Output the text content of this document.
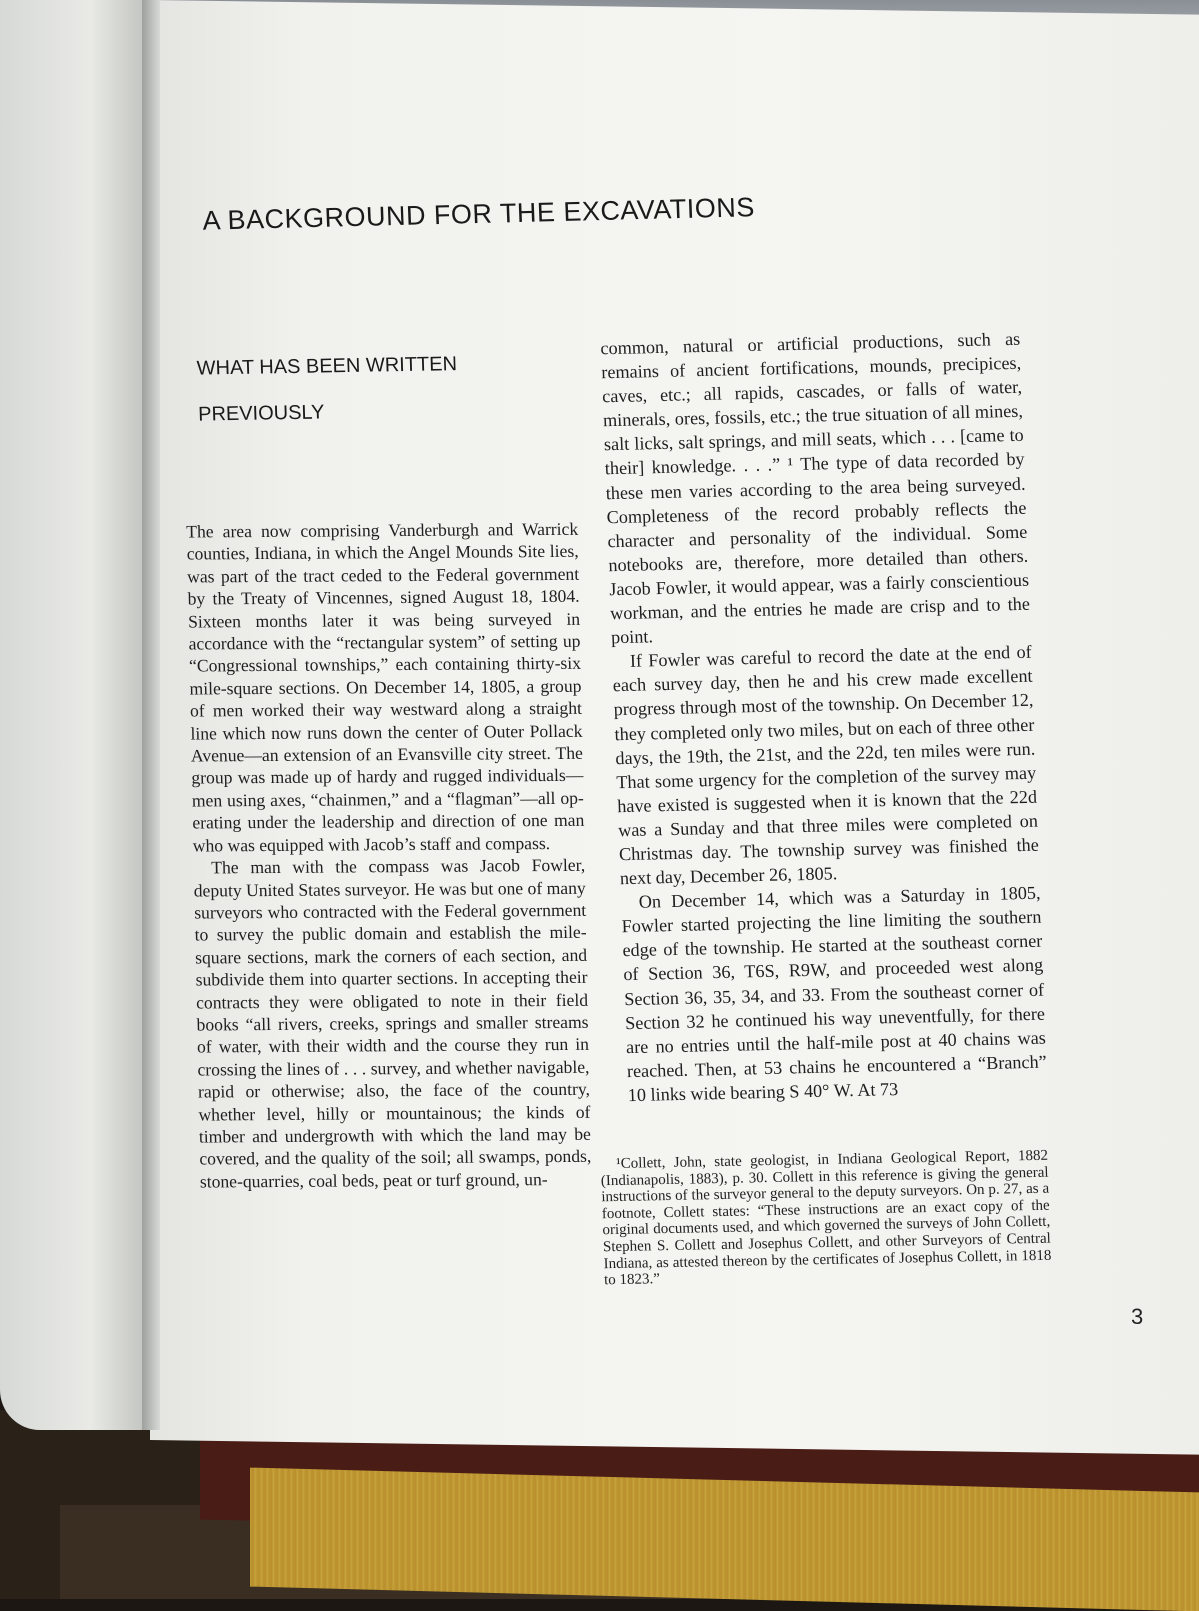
A BACKGROUND FOR THE EXCAVATIONS
WHAT HAS BEEN WRITTEN PREVIOUSLY

The area now comprising Vanderburgh and Warrick counties, Indiana, in which the Angel Mounds Site lies, was part of the tract ceded to the Federal government by the Treaty of Vincennes, signed August 18, 1804. Sixteen months later it was being surveyed in accordance with the “rectangular system” of setting up “Congressional townships,” each containing thirty-six mile-square sections. On December 14, 1805, a group of men worked their way westward along a straight line which now runs down the center of Outer Pollack Avenue—an extension of an Evansville city street. The group was made up of hardy and rugged individuals—men using axes, “chainmen,” and a “flagman”—all operating under the leadership and direction of one man who was equipped with Jacob’s staff and compass.

The man with the compass was Jacob Fowler, deputy United States surveyor. He was but one of many surveyors who contracted with the Federal government to survey the public domain and establish the mile-square sections, mark the corners of each section, and subdivide them into quarter sections. In accepting their contracts they were obligated to note in their field books “all rivers, creeks, springs and smaller streams of water, with their width and the course they run in crossing the lines of . . . survey, and whether navigable, rapid or otherwise; also, the face of the country, whether level, hilly or mountainous; the kinds of timber and undergrowth with which the land may be covered, and the quality of the soil; all swamps, ponds, stone-quarries, coal beds, peat or turf ground, un-

common, natural or artificial productions, such as remains of ancient fortifications, mounds, precipices, caves, etc.; all rapids, cascades, or falls of water, minerals, ores, fossils, etc.; the true situation of all mines, salt licks, salt springs, and mill seats, which . . . [came to their] knowledge. . . .” ¹ The type of data recorded by these men varies according to the area being surveyed. Completeness of the record probably reflects the character and personality of the individual. Some notebooks are, therefore, more detailed than others. Jacob Fowler, it would appear, was a fairly conscientious workman, and the entries he made are crisp and to the point.

If Fowler was careful to record the date at the end of each survey day, then he and his crew made excellent progress through most of the township. On December 12, they completed only two miles, but on each of three other days, the 19th, the 21st, and the 22d, ten miles were run. That some urgency for the completion of the survey may have existed is suggested when it is known that the 22d was a Sunday and that three miles were completed on Christmas day. The township survey was finished the next day, December 26, 1805.

On December 14, which was a Saturday in 1805, Fowler started projecting the line limiting the southern edge of the township. He started at the southeast corner of Section 36, T6S, R9W, and proceeded west along Section 36, 35, 34, and 33. From the southeast corner of Section 32 he continued his way uneventfully, for there are no entries until the half-mile post at 40 chains was reached. Then, at 53 chains he encountered a “Branch” 10 links wide bearing S 40° W. At 73

¹Collett, John, state geologist, in Indiana Geological Report, 1882 (Indianapolis, 1883), p. 30. Collett in this reference is giving the general instructions of the surveyor general to the deputy surveyors. On p. 27, as a footnote, Collett states: “These instructions are an exact copy of the original documents used, and which governed the surveys of John Collett, Stephen S. Collett and Josephus Collett, and other Surveyors of Central Indiana, as attested thereon by the certificates of Josephus Collett, in 1818 to 1823.”

3
